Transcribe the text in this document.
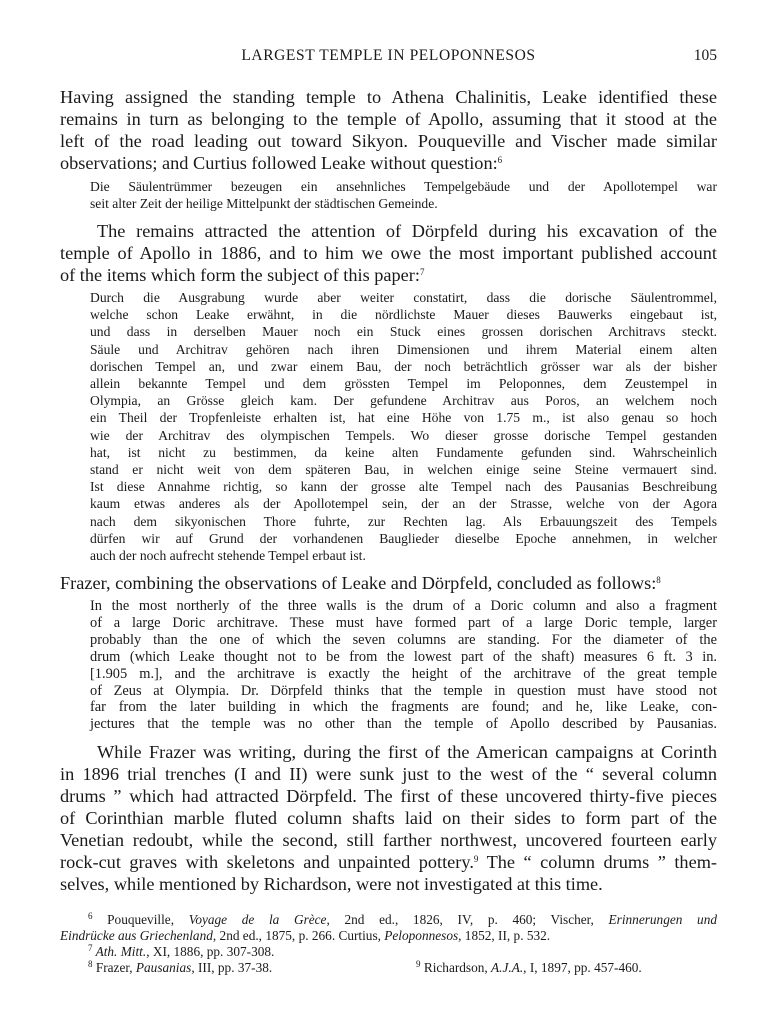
LARGEST TEMPLE IN PELOPONNESOS	105
Having assigned the standing temple to Athena Chalinitis, Leake identified these
remains in turn as belonging to the temple of Apollo, assuming that it stood at the
left of the road leading out toward Sikyon. Pouqueville and Vischer made similar
observations; and Curtius followed Leake without question:$^6$
Die Säulentrümmer bezeugen ein ansehnliches Tempelgebäude und der Apollotempel war
seit alter Zeit der heilige Mittelpunkt der städtischen Gemeinde.
The remains attracted the attention of Dörpfeld during his excavation of the
temple of Apollo in 1886, and to him we owe the most important published account
of the items which form the subject of this paper:$^7$
Durch die Ausgrabung wurde aber weiter constatirt, dass die dorische Säulentrommel,
welche schon Leake erwähnt, in die nördlichste Mauer dieses Bauwerks eingebaut ist,
und dass in derselben Mauer noch ein Stuck eines grossen dorischen Architravs steckt.
Säule und Architrav gehören nach ihren Dimensionen und ihrem Material einem alten
dorischen Tempel an, und zwar einem Bau, der noch beträchtlich grösser war als der bisher
allein bekannte Tempel und dem grössten Tempel im Peloponnes, dem Zeustempel in
Olympia, an Grösse gleich kam. Der gefundene Architrav aus Poros, an welchem noch
ein Theil der Tropfenleiste erhalten ist, hat eine Höhe von 1.75 m., ist also genau so hoch
wie der Architrav des olympischen Tempels. Wo dieser grosse dorische Tempel gestanden
hat, ist nicht zu bestimmen, da keine alten Fundamente gefunden sind. Wahrscheinlich
stand er nicht weit von dem späteren Bau, in welchen einige seine Steine vermauert sind.
Ist diese Annahme richtig, so kann der grosse alte Tempel nach des Pausanias Beschreibung
kaum etwas anderes als der Apollotempel sein, der an der Strasse, welche von der Agora
nach dem sikyonischen Thore fuhrte, zur Rechten lag. Als Erbauungszeit des Tempels
dürfen wir auf Grund der vorhandenen Bauglieder dieselbe Epoche annehmen, in welcher
auch der noch aufrecht stehende Tempel erbaut ist.
Frazer, combining the observations of Leake and Dörpfeld, concluded as follows:$^8$
In the most northerly of the three walls is the drum of a Doric column and also a fragment
of a large Doric architrave. These must have formed part of a large Doric temple, larger
probably than the one of which the seven columns are standing. For the diameter of the
drum (which Leake thought not to be from the lowest part of the shaft) measures 6 ft. 3 in.
[1.905 m.], and the architrave is exactly the height of the architrave of the great temple
of Zeus at Olympia. Dr. Dörpfeld thinks that the temple in question must have stood not
far from the later building in which the fragments are found; and he, like Leake, con-
jectures that the temple was no other than the temple of Apollo described by Pausanias.
While Frazer was writing, during the first of the American campaigns at Corinth
in 1896 trial trenches (I and II) were sunk just to the west of the “ several column
drums ” which had attracted Dörpfeld. The first of these uncovered thirty-five pieces
of Corinthian marble fluted column shafts laid on their sides to form part of the
Venetian redoubt, while the second, still farther northwest, uncovered fourteen early
rock-cut graves with skeletons and unpainted pottery.$^9$ The “ column drums ” them-
selves, while mentioned by Richardson, were not investigated at this time.
$^6$ Pouqueville, Voyage de la Grèce, 2nd ed., 1826, IV, p. 460; Vischer, Erinnerungen und
Eindrücke aus Griechenland, 2nd ed., 1875, p. 266. Curtius, Peloponnesos, 1852, II, p. 532.
$^7$ Ath. Mitt., XI, 1886, pp. 307-308.
$^8$ Frazer, Pausanias, III, pp. 37-38.	$^9$ Richardson, A.J.A., I, 1897, pp. 457-460.
